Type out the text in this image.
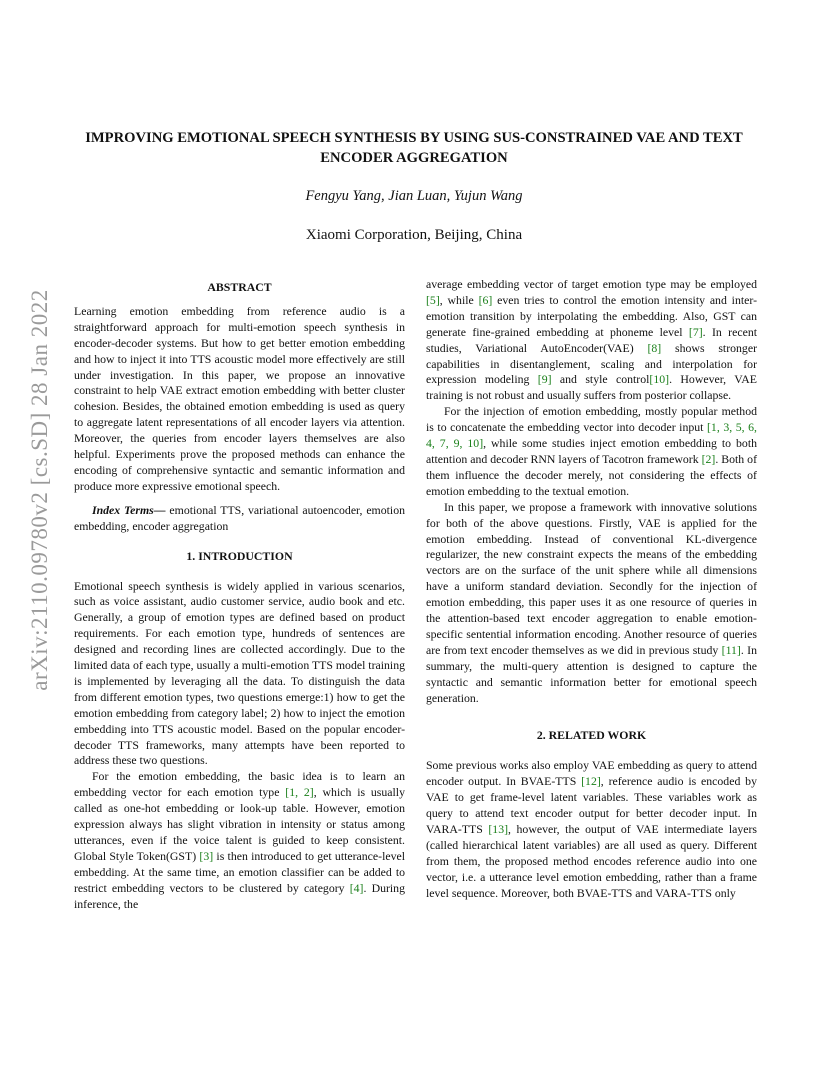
arXiv:2110.09780v2 [cs.SD] 28 Jan 2022
IMPROVING EMOTIONAL SPEECH SYNTHESIS BY USING SUS-CONSTRAINED VAE AND TEXT ENCODER AGGREGATION
Fengyu Yang, Jian Luan, Yujun Wang
Xiaomi Corporation, Beijing, China
ABSTRACT

Learning emotion embedding from reference audio is a straightforward approach for multi-emotion speech synthesis in encoder-decoder systems. But how to get better emotion embedding and how to inject it into TTS acoustic model more effectively are still under investigation. In this paper, we propose an innovative constraint to help VAE extract emotion embedding with better cluster cohesion. Besides, the obtained emotion embedding is used as query to aggregate latent representations of all encoder layers via attention. Moreover, the queries from encoder layers themselves are also helpful. Experiments prove the proposed methods can enhance the encoding of comprehensive syntactic and semantic information and produce more expressive emotional speech.

Index Terms— emotional TTS, variational autoencoder, emotion embedding, encoder aggregation

1. INTRODUCTION

Emotional speech synthesis is widely applied in various scenarios, such as voice assistant, audio customer service, audio book and etc. Generally, a group of emotion types are defined based on product requirements. For each emotion type, hundreds of sentences are designed and recording lines are collected accordingly. Due to the limited data of each type, usually a multi-emotion TTS model training is implemented by leveraging all the data. To distinguish the data from different emotion types, two questions emerge:1) how to get the emotion embedding from category label; 2) how to inject the emotion embedding into TTS acoustic model. Based on the popular encoder-decoder TTS frameworks, many attempts have been reported to address these two questions.

For the emotion embedding, the basic idea is to learn an embedding vector for each emotion type [1, 2], which is usually called as one-hot embedding or look-up table. However, emotion expression always has slight vibration in intensity or status among utterances, even if the voice talent is guided to keep consistent. Global Style Token(GST) [3] is then introduced to get utterance-level embedding. At the same time, an emotion classifier can be added to restrict embedding vectors to be clustered by category [4]. During inference, the

average embedding vector of target emotion type may be employed [5], while [6] even tries to control the emotion intensity and inter-emotion transition by interpolating the embedding. Also, GST can generate fine-grained embedding at phoneme level [7]. In recent studies, Variational AutoEncoder(VAE) [8] shows stronger capabilities in disentanglement, scaling and interpolation for expression modeling [9] and style control[10]. However, VAE training is not robust and usually suffers from posterior collapse.

For the injection of emotion embedding, mostly popular method is to concatenate the embedding vector into decoder input [1, 3, 5, 6, 4, 7, 9, 10], while some studies inject emotion embedding to both attention and decoder RNN layers of Tacotron framework [2]. Both of them influence the decoder merely, not considering the effects of emotion embedding to the textual emotion.

In this paper, we propose a framework with innovative solutions for both of the above questions. Firstly, VAE is applied for the emotion embedding. Instead of conventional KL-divergence regularizer, the new constraint expects the means of the embedding vectors are on the surface of the unit sphere while all dimensions have a uniform standard deviation. Secondly for the injection of emotion embedding, this paper uses it as one resource of queries in the attention-based text encoder aggregation to enable emotion-specific sentential information encoding. Another resource of queries are from text encoder themselves as we did in previous study [11]. In summary, the multi-query attention is designed to capture the syntactic and semantic information better for emotional speech generation.

2. RELATED WORK

Some previous works also employ VAE embedding as query to attend encoder output. In BVAE-TTS [12], reference audio is encoded by VAE to get frame-level latent variables. These variables work as query to attend text encoder output for better decoder input. In VARA-TTS [13], however, the output of VAE intermediate layers (called hierarchical latent variables) are all used as query. Different from them, the proposed method encodes reference audio into one vector, i.e. a utterance level emotion embedding, rather than a frame level sequence. Moreover, both BVAE-TTS and VARA-TTS only
